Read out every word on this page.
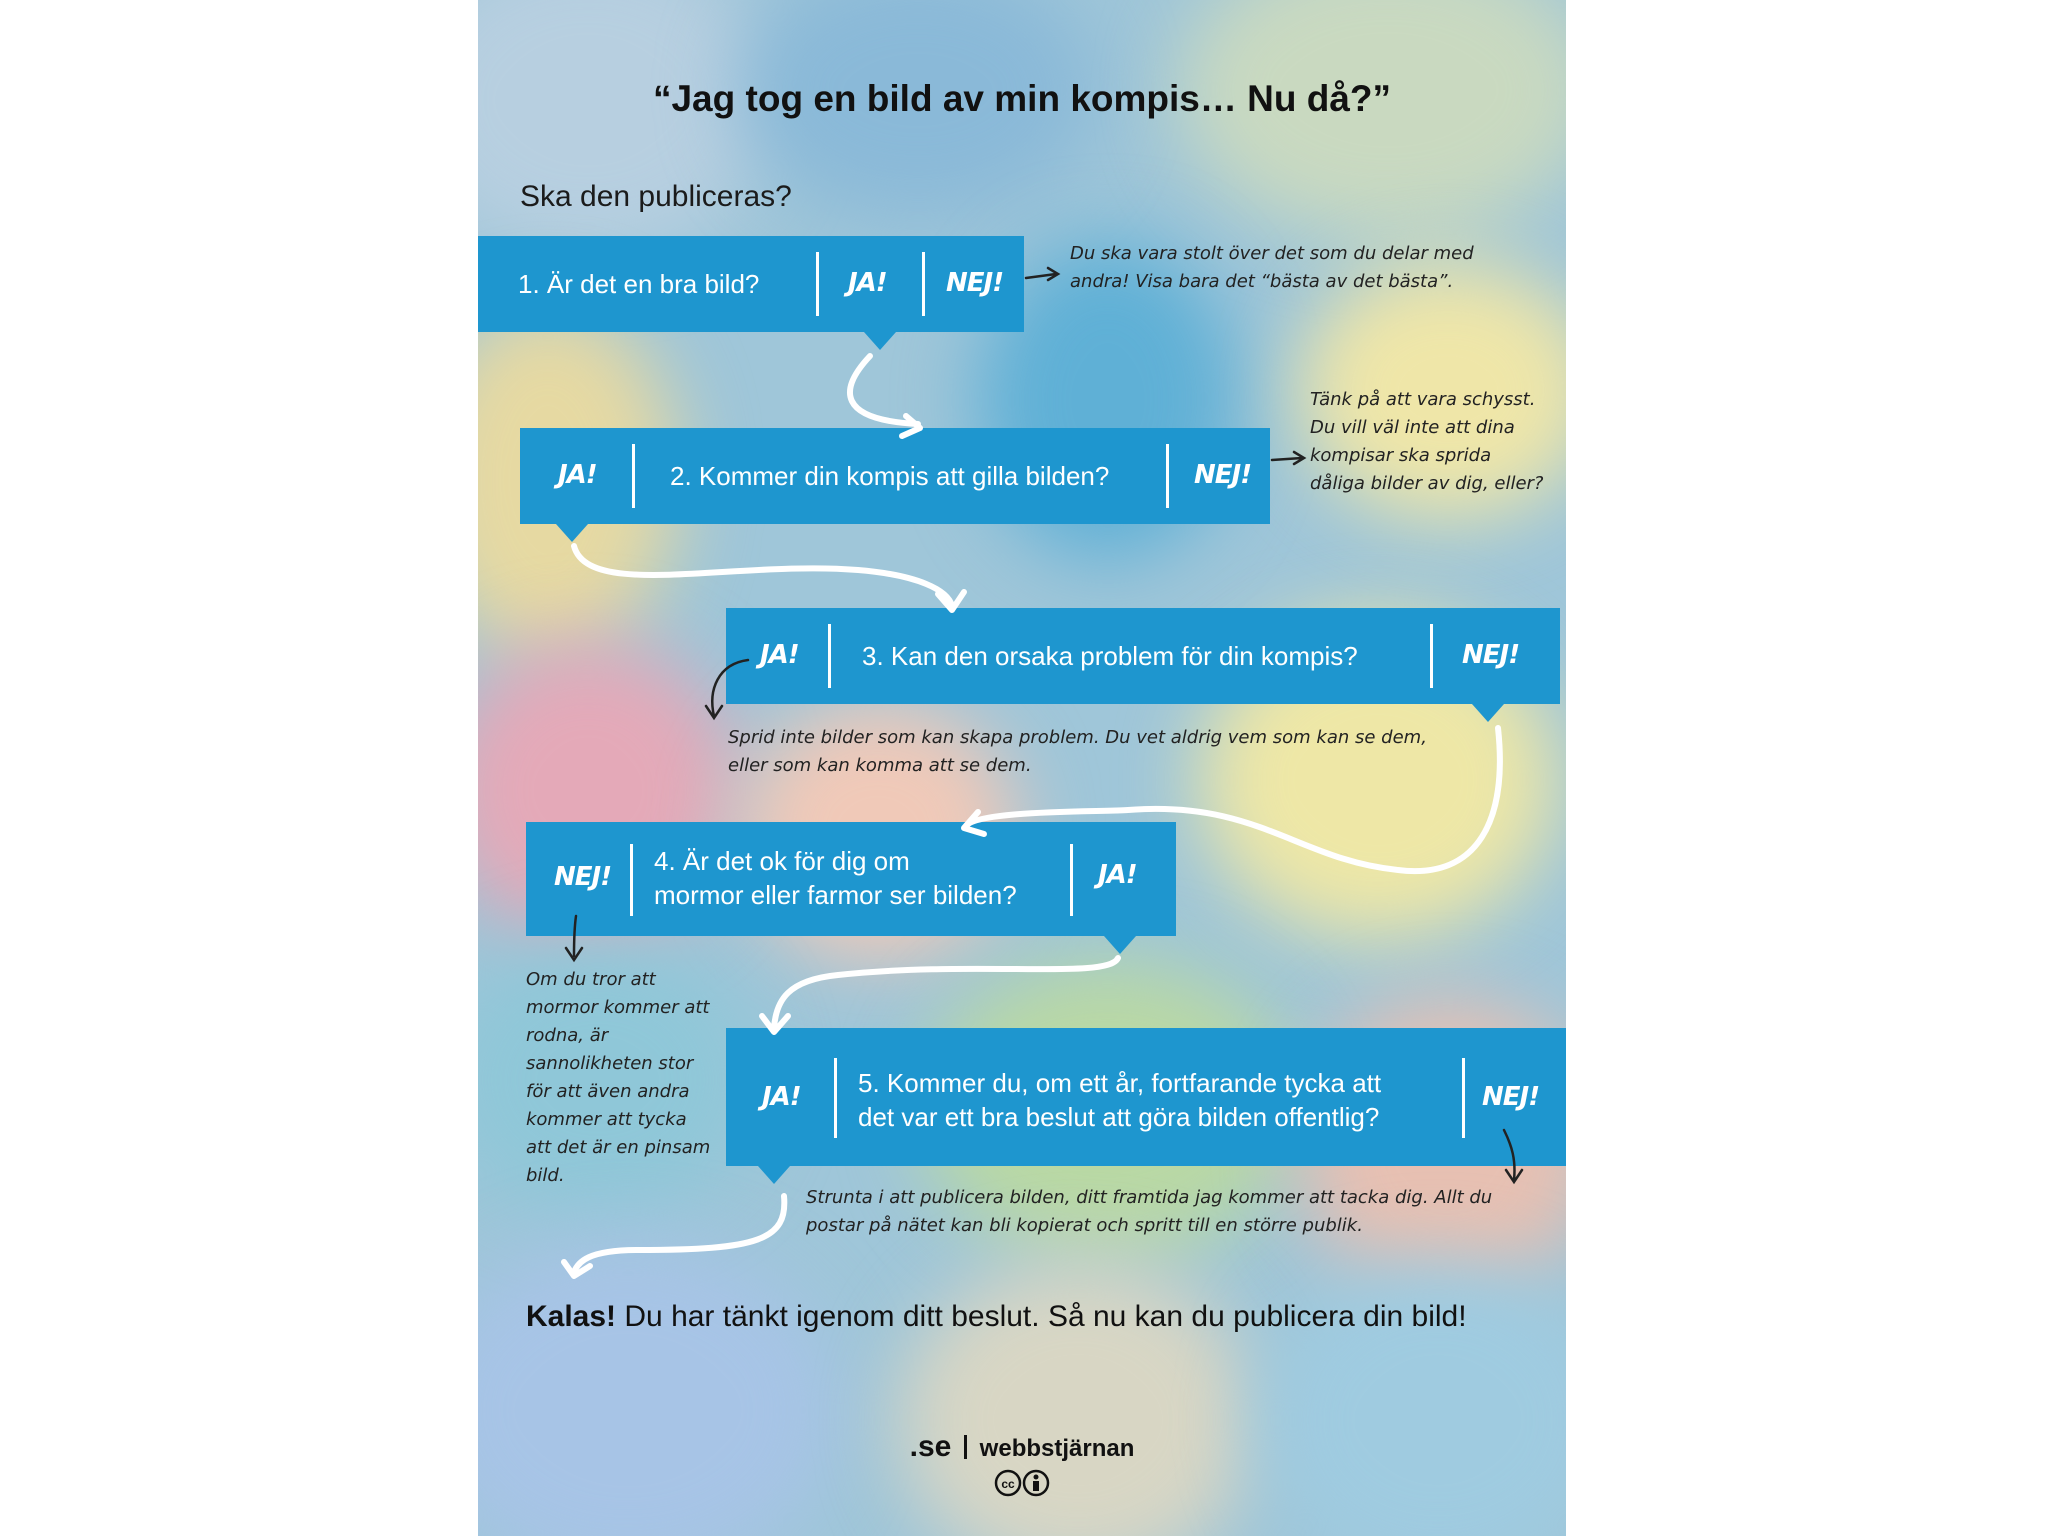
“Jag tog en bild av min kompis… Nu då?”
Ska den publiceras?
1. Är det en bra bild?	JA! NEJ!
Du ska vara stolt över det som du delar med andra! Visa bara det “bästa av det bästa”.
JA!	2. Kommer din kompis att gilla bilden?	NEJ!
Tänk på att vara schysst. Du vill väl inte att dina kompisar ska sprida dåliga bilder av dig, eller?
JA! 3. Kan den orsaka problem för din kompis?	NEJ!
Sprid inte bilder som kan skapa problem. Du vet aldrig vem som kan se dem, eller som kan komma att se dem.
NEJ!
4. Är det ok för dig om
mormor eller farmor ser bilden?
JA!
Om du tror att mormor kommer att rodna, är sannolikheten stor för att även andra kommer att tycka att det är en pinsam bild.
JA! 5. Kommer du, om ett år, fortfarande tycka att
det var ett bra beslut att göra bilden offentlig?
NEJ!
Strunta i att publicera bilden, ditt framtida jag kommer att tacka dig. Allt du postar på nätet kan bli kopierat och spritt till en större publik.
Kalas! Du har tänkt igenom ditt beslut. Så nu kan du publicera din bild!
.se webbstjärnan
cc
